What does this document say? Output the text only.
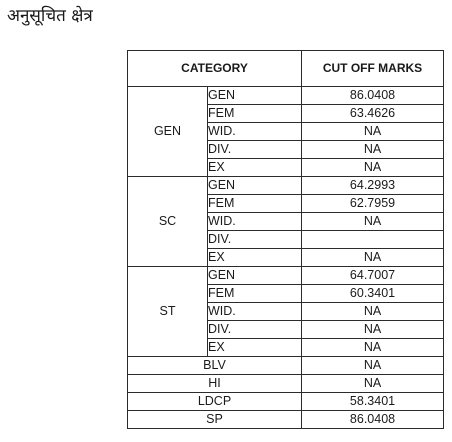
अनुसूचित क्षेत्र
CATEGORY		CUT OFF MARKS
GEN	GEN	86.0408
	FEM	63.4626
	WID.	NA
	DIV.	NA
	EX	NA
SC	GEN	64.2993
	FEM	62.7959
	WID.	NA
	DIV.	
	EX	NA
ST	GEN	64.7007
	FEM	60.3401
	WID.	NA
	DIV.	NA
	EX	NA
BLV		NA
HI		NA
LDCP		58.3401
SP		86.0408
